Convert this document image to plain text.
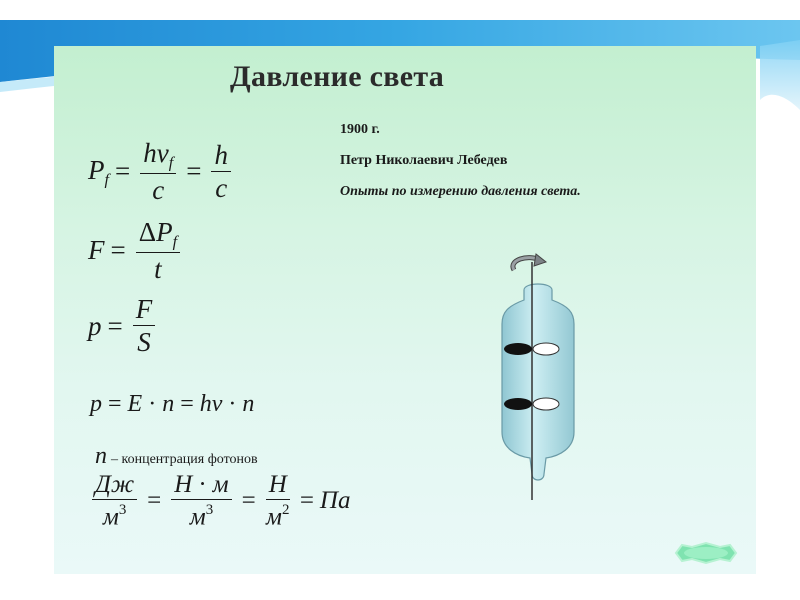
Давление света
1900 г.
Петр Николаевич Лебедев
Опыты по измерению давления света.
$P_f = \frac{h\nu_f}{c} = \frac{h}{c}$
$F = \frac{\Delta P_f}{t}$
$p = \frac{F}{S}$
p = E · n = hv · n
n – концентрация фотонов
$\frac{Дж}{м^3} = \frac{Н \cdot м}{м^3} = \frac{Н}{м^2}$ = Па
